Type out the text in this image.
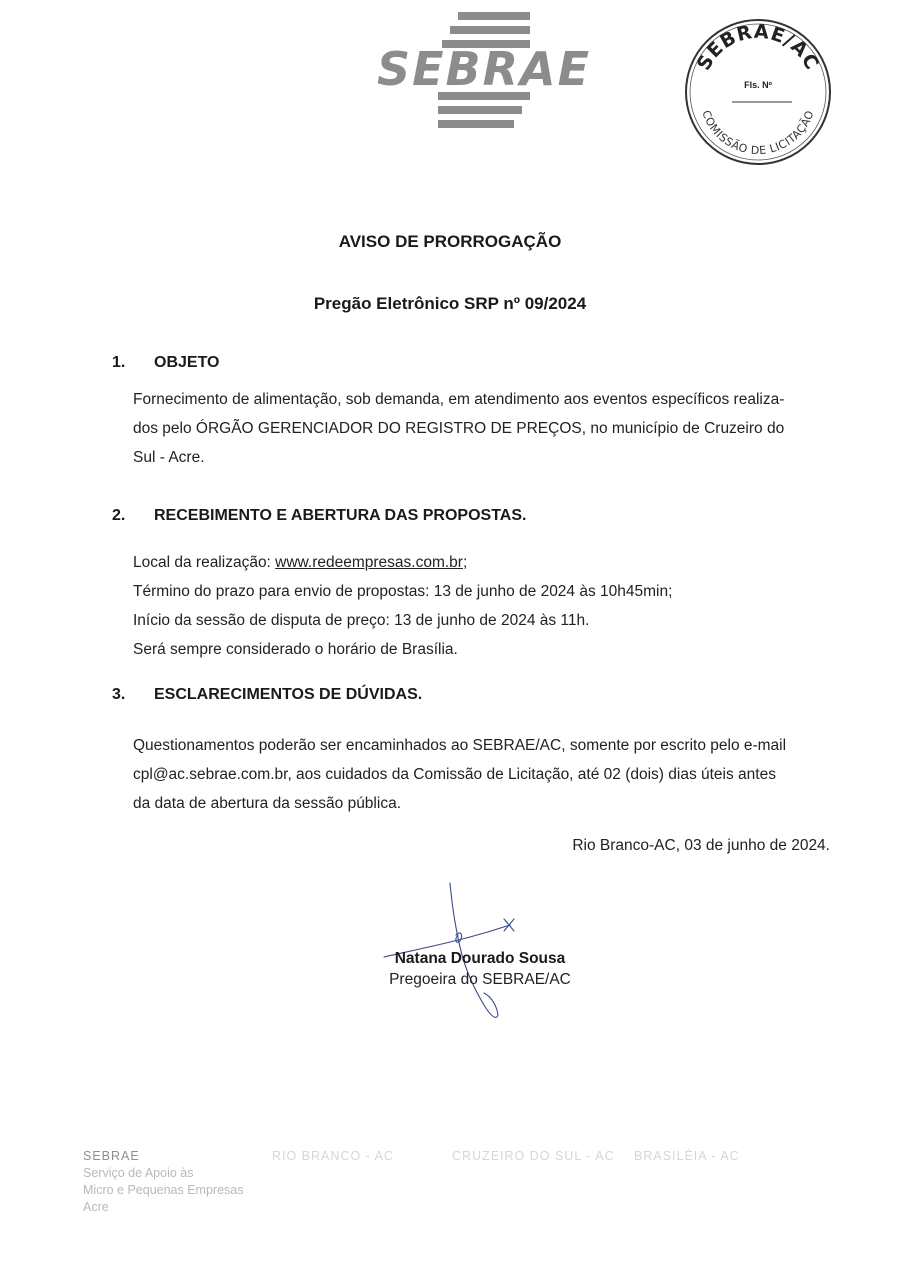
SEBRAE	SEBRAE/AC
COMISSÃO DE LICITAÇÃO
Fls. Nº
AVISO DE PRORROGAÇÃO
Pregão Eletrônico SRP nº 09/2024
1. OBJETO

Fornecimento de alimentação, sob demanda, em atendimento aos eventos específicos realiza-

dos pelo ÓRGÃO GERENCIADOR DO REGISTRO DE PREÇOS, no município de Cruzeiro do

Sul - Acre.

2. RECEBIMENTO E ABERTURA DAS PROPOSTAS.
Local da realização: www.redeempresas.com.br;
Término do prazo para envio de propostas: 13 de junho de 2024 às 10h45min;
Início da sessão de disputa de preço: 13 de junho de 2024 às 11h.
Será sempre considerado o horário de Brasília.
3. ESCLARECIMENTOS DE DÚVIDAS.

Questionamentos poderão ser encaminhados ao SEBRAE/AC, somente por escrito pelo e-mail

cpl@ac.sebrae.com.br, aos cuidados da Comissão de Licitação, até 02 (dois) dias úteis antes

da data de abertura da sessão pública.

Rio Branco-AC, 03 de junho de 2024.
Natana Dourado Sousa
Pregoeira do SEBRAE/AC
SEBRAE
Serviço de Apoio às
Micro e Pequenas Empresas
Acre
RIO BRANCO - AC	CRUZEIRO DO SUL - AC BRASILÉIA - AC
